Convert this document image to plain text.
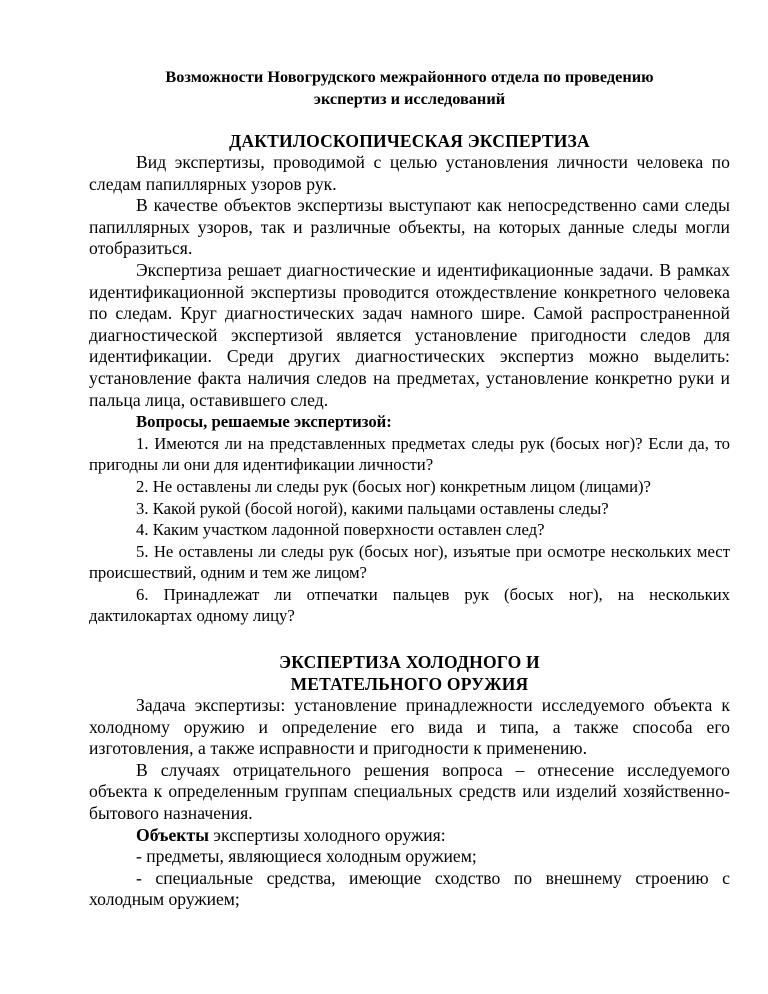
Возможности Новогрудского межрайонного отдела по проведению

экспертиз и исследований

ДАКТИЛОСКОПИЧЕСКАЯ ЭКСПЕРТИЗА

Вид экспертизы, проводимой с целью установления личности человека по следам папиллярных узоров рук.

В качестве объектов экспертизы выступают как непосредственно сами следы папиллярных узоров, так и различные объекты, на которых данные следы могли отобразиться.

Экспертиза решает диагностические и идентификационные задачи. В рамках идентификационной экспертизы проводится отождествление конкретного человека по следам. Круг диагностических задач намного шире. Самой распространенной диагностической экспертизой является установление пригодности следов для идентификации. Среди других диагностических экспертиз можно выделить: установление факта наличия следов на предметах, установление конкретно руки и пальца лица, оставившего след.

Вопросы, решаемые экспертизой:

1. Имеются ли на представленных предметах следы рук (босых ног)? Если да, то пригодны ли они для идентификации личности?

2. Не оставлены ли следы рук (босых ног) конкретным лицом (лицами)?

3. Какой рукой (босой ногой), какими пальцами оставлены следы?

4. Каким участком ладонной поверхности оставлен след?

5. Не оставлены ли следы рук (босых ног), изъятые при осмотре нескольких мест происшествий, одним и тем же лицом?

6. Принадлежат ли отпечатки пальцев рук (босых ног), на нескольких дактилокартах одному лицу?

ЭКСПЕРТИЗА ХОЛОДНОГО И

МЕТАТЕЛЬНОГО ОРУЖИЯ

Задача экспертизы: установление принадлежности исследуемого объекта к холодному оружию и определение его вида и типа, а также способа его изготовления, а также исправности и пригодности к применению.

В случаях отрицательного решения вопроса – отнесение исследуемого объекта к определенным группам специальных средств или изделий хозяйственно-бытового назначения.

Объекты экспертизы холодного оружия:

- предметы, являющиеся холодным оружием;

- специальные средства, имеющие сходство по внешнему строению с холодным оружием;
